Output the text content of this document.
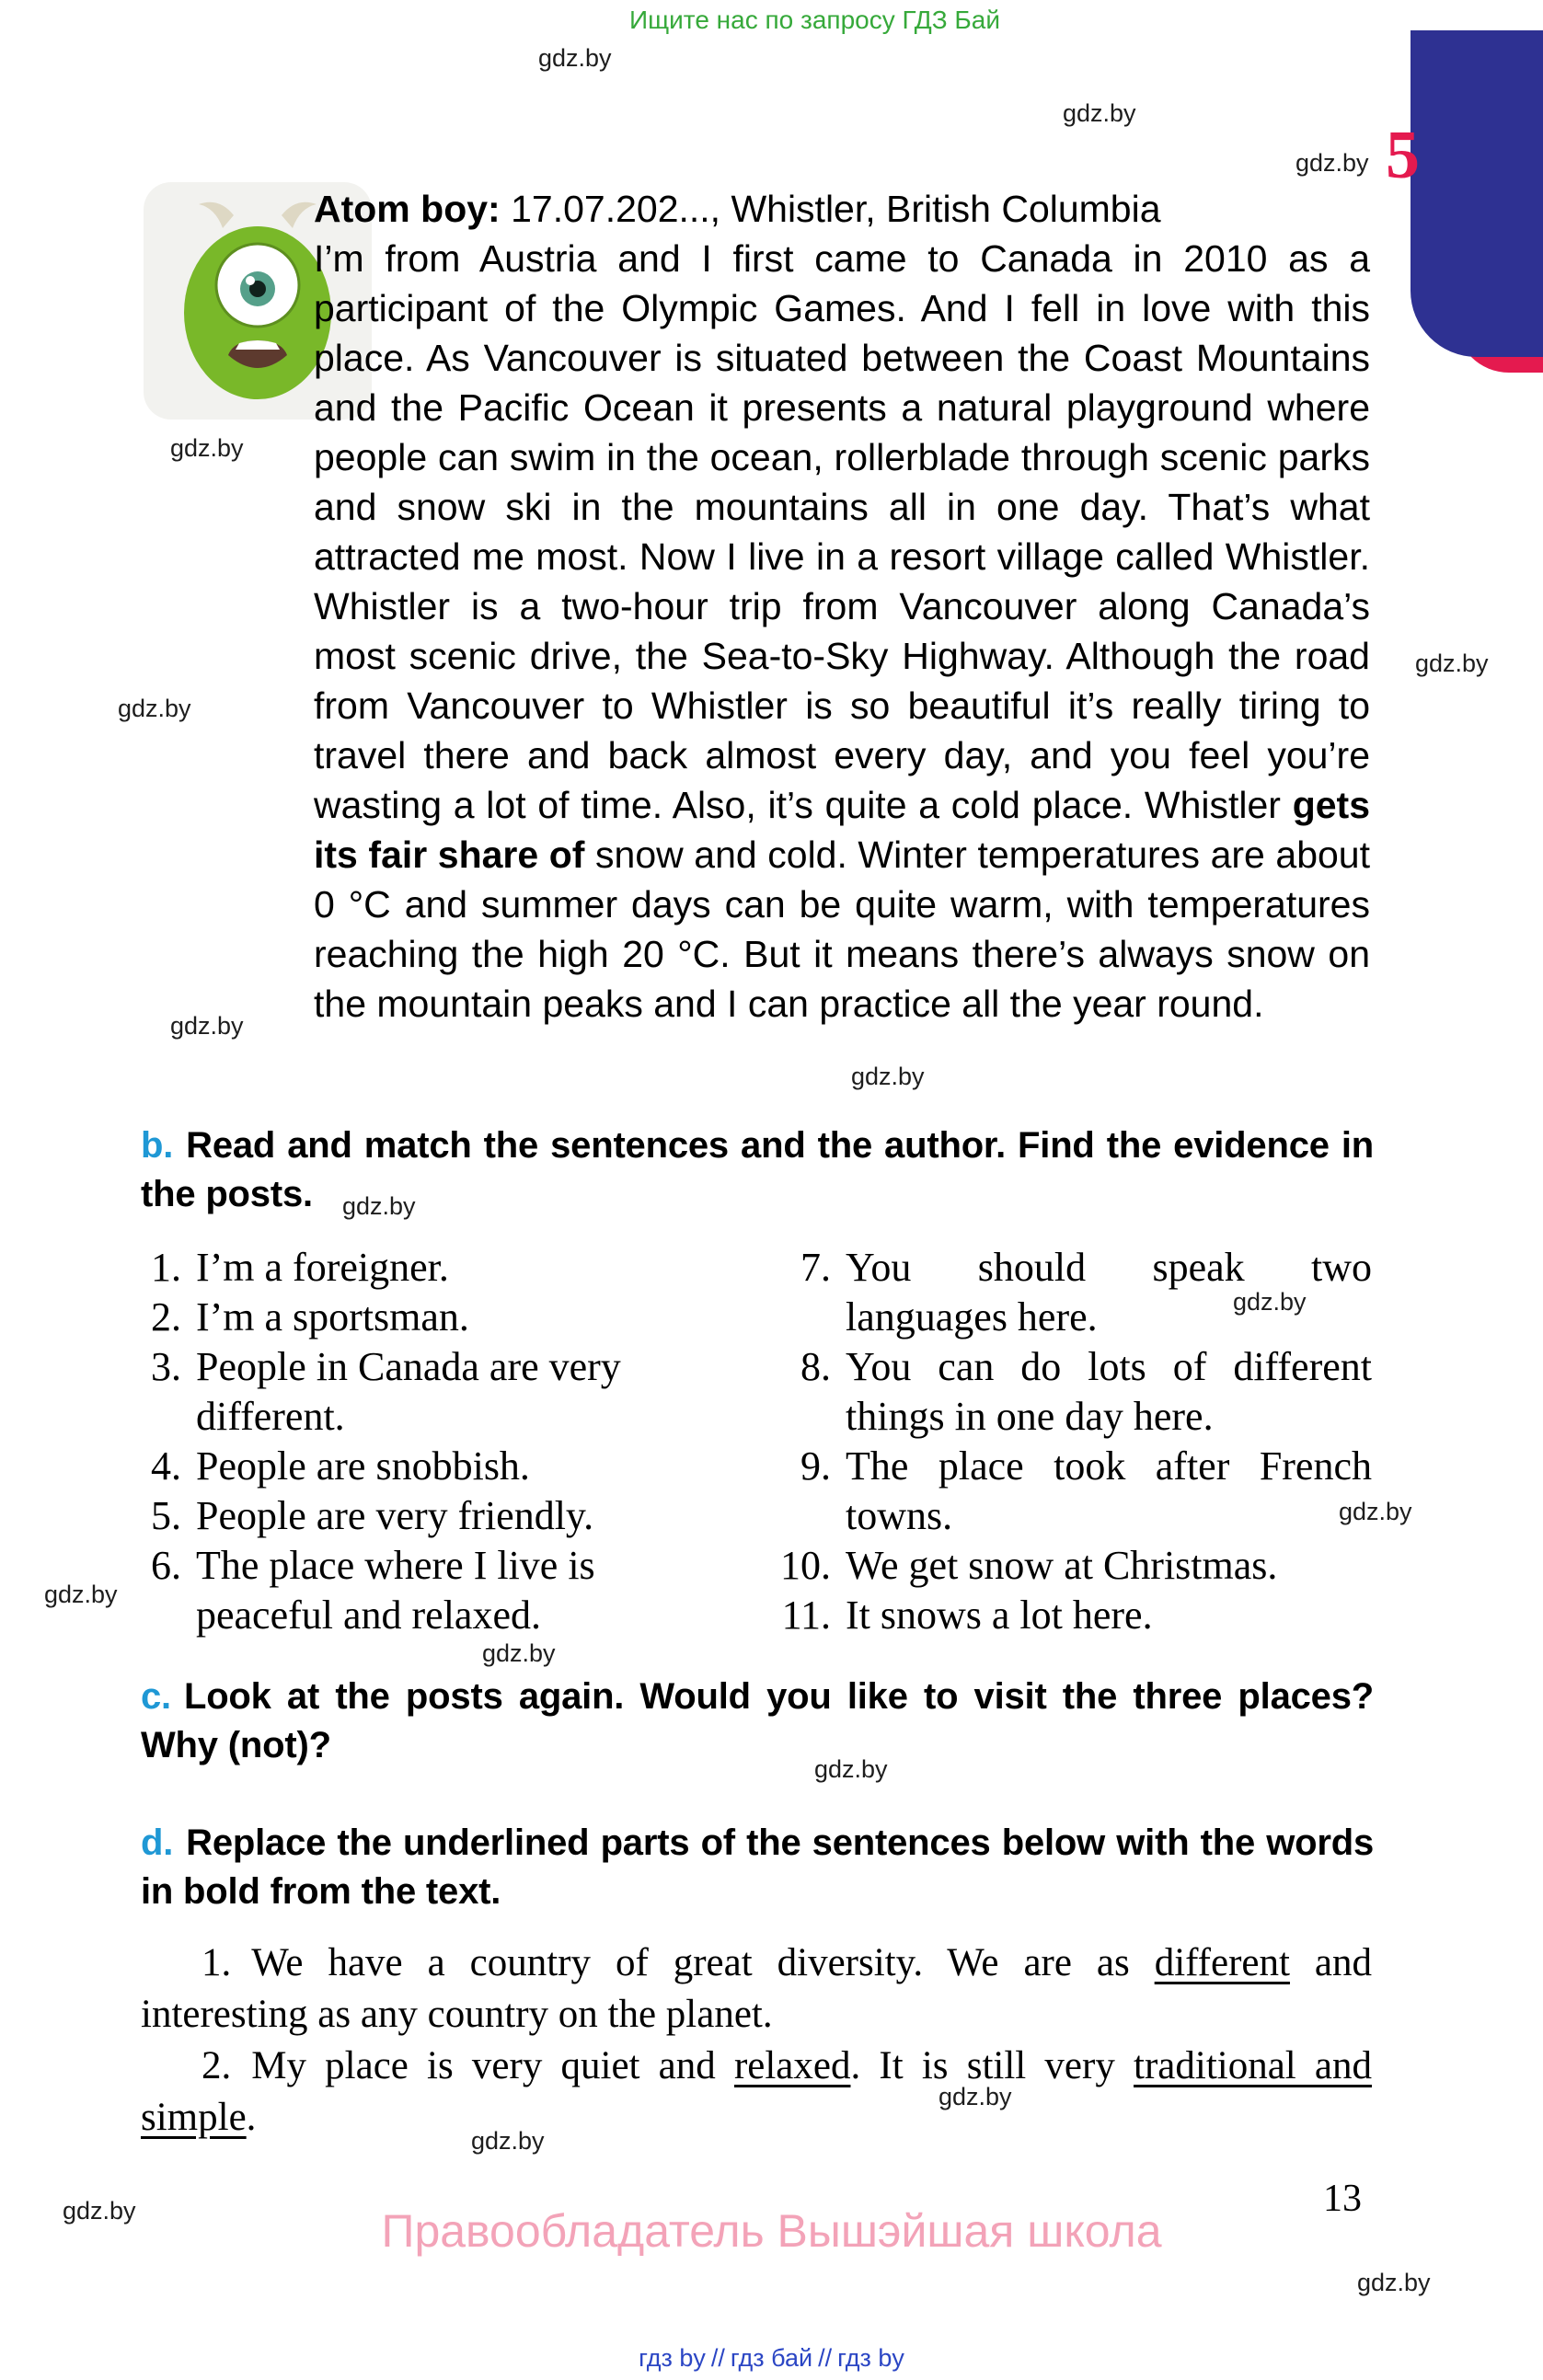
Ищите нас по запросу ГДЗ Бай
gdz.by
gdz.by
gdz.by
gdz.by
gdz.by
gdz.by
gdz.by
gdz.by
gdz.by
gdz.by
gdz.by
gdz.by
gdz.by
gdz.by
gdz.by
gdz.by
gdz.by
gdz.by
5
Atom boy: 17.07.202..., Whistler, British Columbia
I’m from Austria and I first came to Canada in 2010 as a participant of the Olympic Games. And I fell in love with this place. As Vancouver is situated between the Coast Mountains and the Pacific Ocean it presents a natural playground where people can swim in the ocean, rollerblade through scenic parks and snow ski in the mountains all in one day. That’s what attracted me most. Now I live in a resort village called Whistler. Whistler is a two-hour trip from Vancouver along Canada’s most scenic drive, the Sea-to-Sky Highway. Although the road from Vancouver to Whistler is so beautiful it’s really tiring to travel there and back almost every day, and you feel you’re wasting a lot of time. Also, it’s quite a cold place. Whistler gets its fair share of snow and cold. Winter temperatures are about 0 °C and summer days can be quite warm, with temperatures reaching the high 20 °C. But it means there’s always snow on the mountain peaks and I can practice all the year round.

b. Read and match the sentences and the author. Find the evidence in the posts.

1. I’m a foreigner.
2. I’m a sportsman.
3. People in Canada are very different.
4. People are snobbish.
5. People are very friendly.
6. The place where I live is peaceful and relaxed.
7. You should speak two languages here.
8. You can do lots of different things in one day here.
9. The place took after French towns.
10. We get snow at Christmas.
11. It snows a lot here.

c. Look at the posts again. Would you like to visit the three places? Why (not)?

d. Replace the underlined parts of the sentences below with the words in bold from the text.

1. We have a country of great diversity. We are as different and interesting as any country on the planet.

2. My place is very quiet and relaxed. It is still very traditional and simple.

13
Правообладатель Вышэйшая школа
гдз by // гдз бай // гдз by
